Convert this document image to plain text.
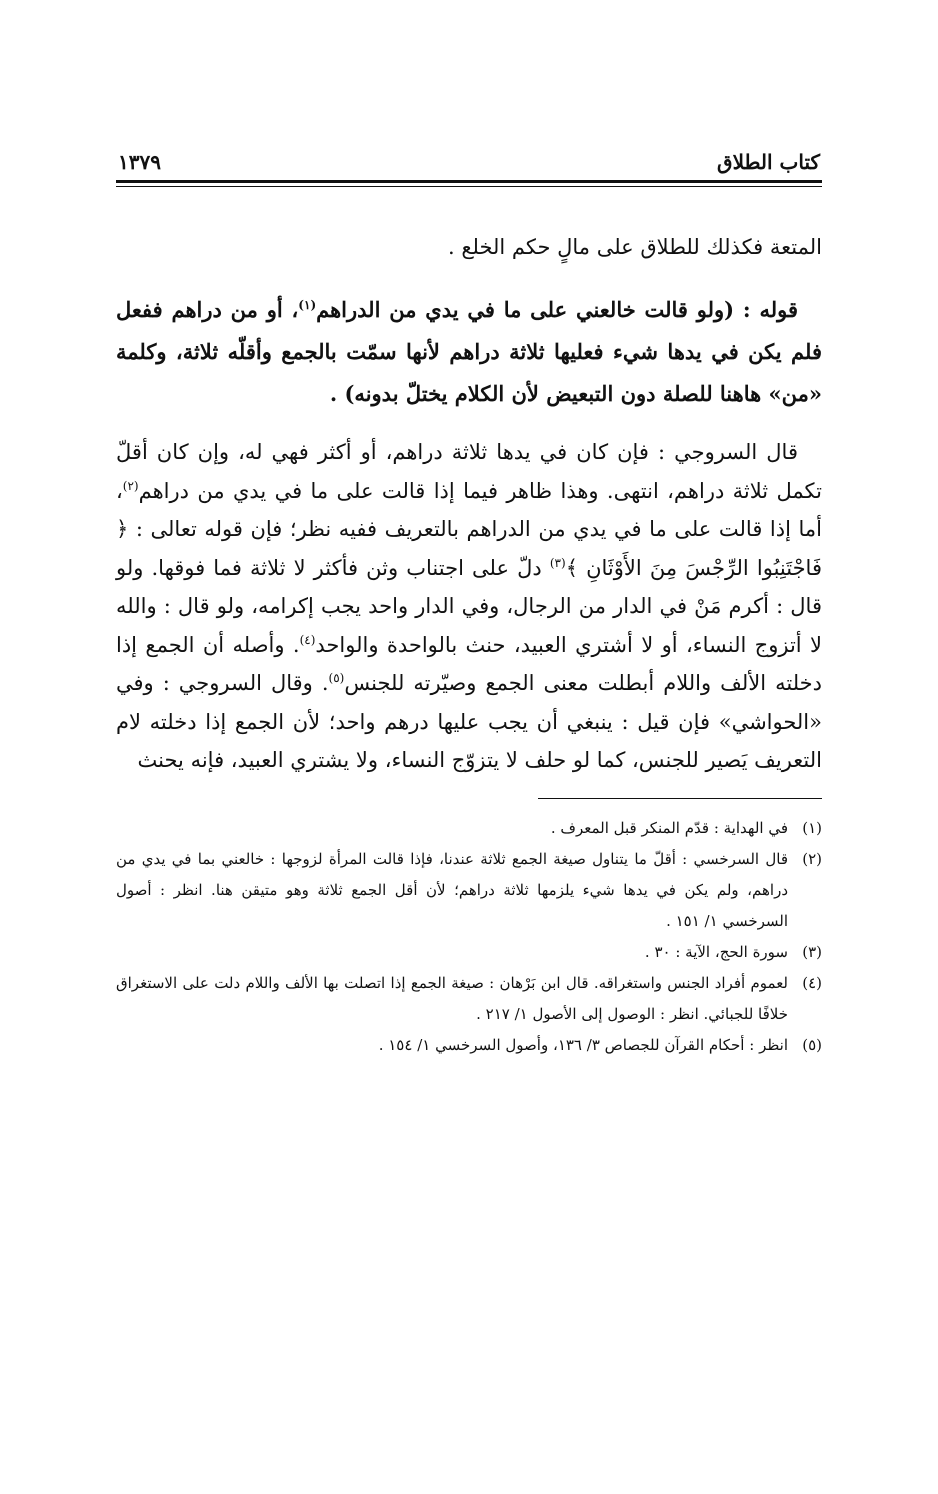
كتاب الطلاق
١٣٧٩

المتعة فكذلك للطلاق على مالٍ حكم الخلع .

قوله : (ولو قالت خالعني على ما في يدي من الدراهم$^{(١)}$، أو من دراهم ففعل فلم يكن في يدها شيء فعليها ثلاثة دراهم لأنها سمّت بالجمع وأقلّه ثلاثة، وكلمة «من» هاهنا للصلة دون التبعيض لأن الكلام يختلّ بدونه) .

قال السروجي : فإن كان في يدها ثلاثة دراهم، أو أكثر فهي له، وإن كان أقلّ تكمل ثلاثة دراهم، انتهى. وهذا ظاهر فيما إذا قالت على ما في يدي من دراهم$^{(٢)}$، أما إذا قالت على ما في يدي من الدراهم بالتعريف ففيه نظر؛ فإن قوله تعالى : ﴿ فَاجْتَنِبُوا الرِّجْسَ مِنَ الأَوْثَانِ ﴾$^{(٣)}$ دلّ على اجتناب وثن فأكثر لا ثلاثة فما فوقها. ولو قال : أكرم مَنْ في الدار من الرجال، وفي الدار واحد يجب إكرامه، ولو قال : والله لا أتزوج النساء، أو لا أشتري العبيد، حنث بالواحدة والواحد$^{(٤)}$. وأصله أن الجمع إذا دخلته الألف واللام أبطلت معنى الجمع وصيّرته للجنس$^{(٥)}$. وقال السروجي : وفي «الحواشي» فإن قيل : ينبغي أن يجب عليها درهم واحد؛ لأن الجمع إذا دخلته لام التعريف يَصير للجنس، كما لو حلف لا يتزوّج النساء، ولا يشتري العبيد، فإنه يحنث

(١)
في الهداية : قدّم المنكر قبل المعرف .
(٢)
قال السرخسي : أقلّ ما يتناول صيغة الجمع ثلاثة عندنا، فإذا قالت المرأة لزوجها : خالعني بما في يدي من دراهم، ولم يكن في يدها شيء يلزمها ثلاثة دراهم؛ لأن أقل الجمع ثلاثة وهو متيقن هنا. انظر : أصول السرخسي ١/ ١٥١ .
(٣)
سورة الحج، الآية : ٣٠ .
(٤)
لعموم أفراد الجنس واستغراقه. قال ابن بَرْهان : صيغة الجمع إذا اتصلت بها الألف واللام دلت على الاستغراق خلافًا للجبائي. انظر : الوصول إلى الأصول ١/ ٢١٧ .
(٥)
انظر : أحكام القرآن للجصاص ٣/ ١٣٦، وأصول السرخسي ١/ ١٥٤ .
